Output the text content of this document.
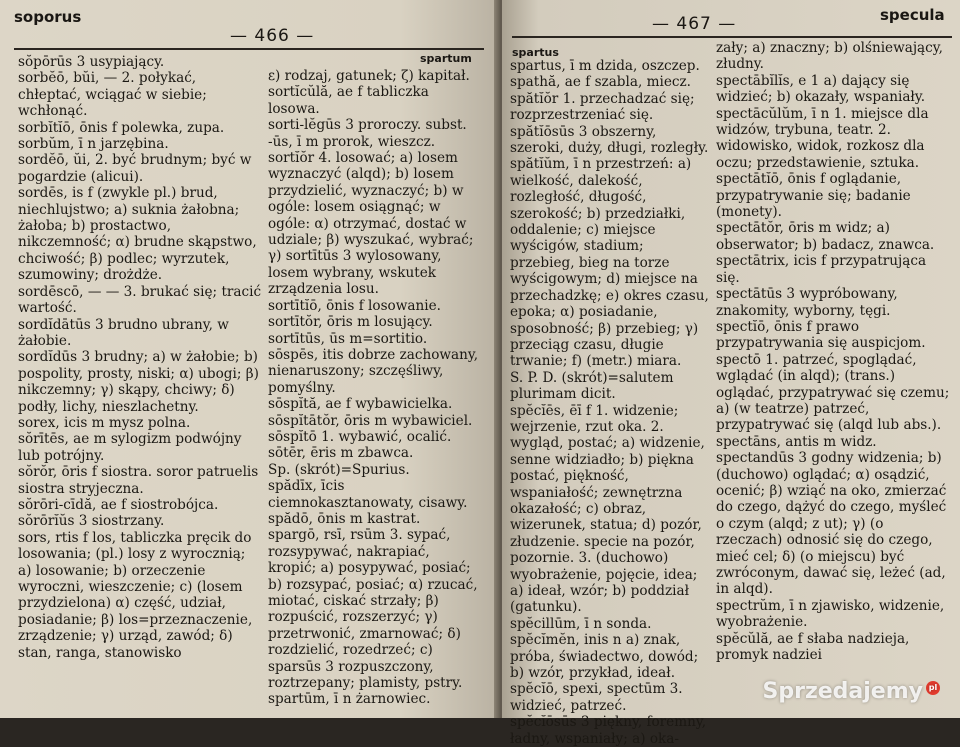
soporus
— 466 —
spartum

sŏpōrūs 3 usypiający.

sorbĕō, bŭi, — 2. połykać, chłeptać, wciągać w siebie; wchłonąć.

sorbĭtĭō, ōnis f polewka, zupa.

sorbŭm, ī n jarzębina.

sordĕō, ŭi, 2. być brudnym; być w pogardzie (alicui).

sordēs, is f (zwykle pl.) brud, niechlujstwo; a) suknia żałobna; żałoba; b) prostactwo, nikczemność; α) brudne skąpstwo, chciwość; β) podlec; wyrzutek, szumowiny; drożdże.

sordēscō, — — 3. brukać się; tracić wartość.

sordĭdātūs 3 brudno ubrany, w żałobie.

sordĭdūs 3 brudny; a) w żałobie; b) pospolity, prosty, niski; α) ubogi; β) nikczemny; γ) skąpy, chciwy; δ) podły, lichy, nieszlachetny.

sorex, icis m mysz polna.

sŏrītēs, ae m sylogizm podwójny lub potrójny.

sŏrŏr, ōris f siostra. soror patruelis siostra stryjeczna.

sŏrōri-cīdă, ae f siostrobójca.

sŏrōrĭŭs 3 siostrzany.

sors, rtis f los, tabliczka pręcik do losowania; (pl.) losy z wyrocznią; a) losowanie; b) orzeczenie wyroczni, wieszczenie; c) (losem przydzielona) α) część, udział, posiadanie; β) los=przeznaczenie, zrządzenie; γ) urząd, zawód; δ) stan, ranga, stanowisko

ε) rodzaj, gatunek; ζ) kapitał.

sortĭcŭlă, ae f tabliczka losowa.

sorti-lĕgūs 3 proroczy. subst. -ūs, ī m prorok, wieszcz.

sortĭŏr 4. losować; a) losem wyznaczyć (alqd); b) losem przydzielić, wyznaczyć; b) w ogóle: losem osiągnąć; w ogóle: α) otrzymać, dostać w udziale; β) wyszukać, wybrać; γ) sortītūs 3 wylosowany, losem wybrany, wskutek zrządzenia losu.

sortītĭō, ōnis f losowanie.

sortītŏr, ōris m losujący.

sortītūs, ūs m=sortitio.

sōspēs, itis dobrze zachowany, nienaruszony; szczęśliwy, pomyślny.

sōspĭtă, ae f wybawicielka.

sōspĭtātŏr, ōris m wybawiciel.

sōspĭtō 1. wybawić, ocalić.

sōtēr, ēris m zbawca.

Sp. (skrót)=Spurius.

spădīx, īcis ciemnokasztanowaty, cisawy.

spădō, ōnis m kastrat.

spargō, rsī, rsūm 3. sypać, rozsypywać, nakrapiać, kropić; a) posypywać, posiać; b) rozsypać, posiać; α) rzucać, miotać, ciskać strzały; β) rozpuścić, rozszerzyć; γ) przetrwonić, zmarnować; δ) rozdzielić, rozedrzeć; c) sparsūs 3 rozpuszczony, roztrzepany; plamisty, pstry.

spartūm, ī n żarnowiec.

spartus
— 467 —	specula

spartus, ī m dzida, oszczep.

spathă, ae f szabla, miecz.

spătĭŏr 1. przechadzać się; rozprzestrzeniać się.

spătĭōsūs 3 obszerny, szeroki, duży, długi, rozległy.

spătĭŭm, ī n przestrzeń: a) wielkość, dalekość, rozległość, długość, szerokość; b) przedziałki, oddalenie; c) miejsce wyścigów, stadium; przebieg, bieg na torze wyścigowym; d) miejsce na przechadzkę; e) okres czasu, epoka; α) posiadanie, sposobność; β) przebieg; γ) przeciąg czasu, długie trwanie; f) (metr.) miara.

S. P. D. (skrót)=salutem plurimam dicit.

spĕcĭēs, ēī f 1. widzenie; wejrzenie, rzut oka. 2. wygląd, postać; a) widzenie, senne widziadło; b) piękna postać, piękność, wspaniałość; zewnętrzna okazałość; c) obraz, wizerunek, statua; d) pozór, złudzenie. specie na pozór, pozornie. 3. (duchowo) wyobrażenie, pojęcie, idea; a) ideał, wzór; b) poddział (gatunku).

spĕcillūm, ī n sonda.

spĕcĭmĕn, inis n a) znak, próba, świadectwo, dowód; b) wzór, przykład, ideał.

spĕcĭō, spexi, spectūm 3. widzieć, patrzeć.

spĕcĭōsūs 3 piękny, foremny, ładny, wspaniały; a) oka-

zały; a) znaczny; b) olśniewający, złudny.

spectābĭlĭs, e 1 a) dający się widzieć; b) okazały, wspaniały.

spectācŭlŭm, ī n 1. miejsce dla widzów, trybuna, teatr. 2. widowisko, widok, rozkosz dla oczu; przedstawienie, sztuka.

spectātĭō, ōnis f oglądanie, przypatrywanie się; badanie (monety).

spectātŏr, ōris m widz; a) obserwator; b) badacz, znawca.

spectātrix, icis f przypatrująca się.

spectātūs 3 wypróbowany, znakomity, wyborny, tęgi.

spectĭō, ōnis f prawo przypatrywania się auspicjom.

spectō 1. patrzeć, spoglądać, wglądać (in alqd); (trans.) oglądać, przypatrywać się czemu; a) (w teatrze) patrzeć, przypatrywać się (alqd lub abs.). spectāns, antis m widz.

spectandūs 3 godny widzenia; b) (duchowo) oglądać; α) osądzić, ocenić; β) wziąć na oko, zmierzać do czego, dążyć do czego, myśleć o czym (alqd; z ut); γ) (o rzeczach) odnosić się do czego, mieć cel; δ) (o miejscu) być zwróconym, dawać się, leżeć (ad, in alqd).

spectrŭm, ī n zjawisko, widzenie, wyobrażenie.

spĕcŭlă, ae f słaba nadzieja, promyk nadziei

Sprzedajemy pl
